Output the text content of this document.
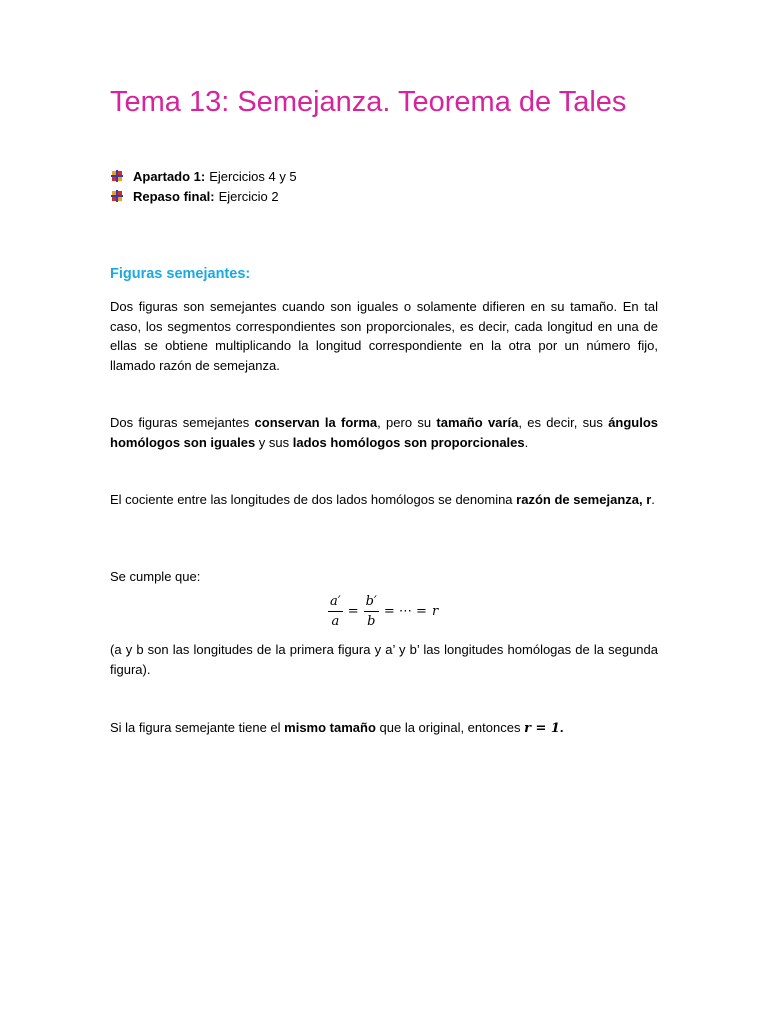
Tema 13: Semejanza. Teorema de Tales
Apartado 1: Ejercicios 4 y 5
Repaso final: Ejercicio 2
Figuras semejantes:

Dos figuras son semejantes cuando son iguales o solamente difieren en su tamaño. En tal caso, los segmentos correspondientes son proporcionales, es decir, cada longitud en una de ellas se obtiene multiplicando la longitud correspondiente en la otra por un número fijo, llamado razón de semejanza.

Dos figuras semejantes conservan la forma, pero su tamaño varía, es decir, sus ángulos homólogos son iguales y sus lados homólogos son proporcionales.

El cociente entre las longitudes de dos lados homólogos se denomina razón de semejanza, r.

Se cumple que:

$\frac{a'}{a} = \frac{b'}{b}$ = ⋯ = r

(a y b son las longitudes de la primera figura y a’ y b’ las longitudes homólogas de la segunda figura).

Si la figura semejante tiene el mismo tamaño que la original, entonces r = 1.
